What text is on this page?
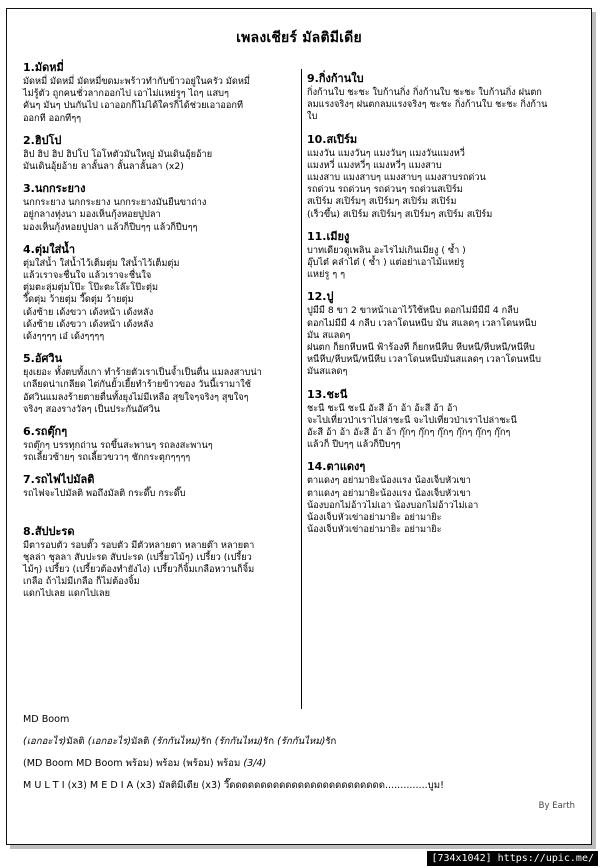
เพลงเชียร์ มัลติมีเดีย
1.มัดหมี่
มัดหมี่ มัดหมี่ มัดหมี่ขดมะพร้าวทำกับข้าวอยู่ในครัว มัดหมี่
ไม่รู้ตัว ถูกคนชั่วลากออกไป เอาไม่แหย่รูๆ ไถๆ แสบๆ
คันๆ มันๆ ปนกันไป เอาออกก็ไม่ได้ใครก็ได้ช่วยเอาออกที
ออกที ออกทีๆๆ
2.ฮิปโป
ฮิป ฮิป ฮิป ฮิปโป โอโหตัวมันใหญ่ มันเดินอุ้ยอ้าย
มันเดินอุ้ยอ้าย ลาลั้นลา ลั้นลาลั้นลา (x2)
3.นกกระยาง
นกกระยาง นกกระยาง นกกระยางมันยืนขาถ่าง
อยู่กลางทุ่งนา มองเห็นกุ้งหอยปูปลา
มองเห็นกุ้งหอยปูปลา แล้วก็ปีบๆๆ แล้วก็ปีบๆๆ
4.ตุ่มใส่น้ำ
ตุ่มใส่น้ำ ใส่น้ำไว้เต็มตุ่ม ใส่น้ำไว้เต็มตุ่ม
แล้วเราจะชื่นใจ แล้วเราจะชื่นใจ
ตุ่มตะลุ่มตุ่มโป๊ะ โป๊ะตะโล๊ะโป๊ะตุ่ม
วี๊ดตุ่ม ว้ายตุ่ม วี๊ดตุ่ม ว้ายตุ่ม
เด้งซ้าย เด้งขวา เด้งหน้า เด้งหลัง
เด้งซ้าย เด้งขวา เด้งหน้า เด้งหลัง
เด้งๆๆๆๆ เอ๋ เด้งๆๆๆๆ
5.อัศวิน
ยุงเยอะ ทั้งตบทั้งเกา ทำร้ายตัวเราเป็นจ้ำเป็นตื่น แมลงสาบน่า
เกลียดน่าเกลียด ไต่กันยั้วเยี้ยทำร้ายข้าวของ วันนี้เรามาใช้
อัศวินแมลงร้ายตายตื่นทั้งยุงไม่มีเหลือ สุขใจๆจริงๆ สุขใจๆ
จริงๆ สองรางวัลๆ เป็นประกันอัศวิน
6.รถตุ๊กๆ
รถตุ๊กๆ บรรทุกถ่าน รถขึ้นสะพานๆ รถลงสะพานๆ
รถเลี้ยวซ้ายๆ รถเลี้ยวขวาๆ ชักกระตุกๆๆๆๆ
7.รถไฟไปมัลติ
รถไฟจะไปมัลติ พอถึงมัลติ กระดึ๊บ กระดึ๊บ
8.สัปปะรด
มีตารอบตัว รอบตั๊ว รอบตัว มีตัวหลายตา หลายต๊า หลายตา
ชุลล่า ชุลลา สับปะรด สับปะรด (เปรี้ยวไม้ๆ) เปรี้ยว (เปรี้ยว
ไม้ๆ) เปรี้ยว (เปรี้ยวต้องทำยังไง) เปรี้ยวก็จิ้มเกลือหวานก็จิ้ม
เกลือ ถ้าไม่มีเกลือ ก็ไม่ต้องจิ้ม
แดกไปเลย แดกไปเลย
9.กิ่งก้านใบ
กิ่งก้านใบ ชะชะ ใบก้านกิ่ง กิ่งก้านใบ ชะชะ ใบก้านกิ่ง ฝนตก
ลมแรงจริงๆ ฝนตกลมแรงจริงๆ ชะชะ กิ่งก้านใบ ชะชะ กิ่งก้าน
ใบ
10.สเปิร์ม
แมงวัน แมงวันๆ แมงวันๆ แมงวันแมงหวี่
แมงหวี่ แมงหวี่ๆ แมงหวี่ๆ แมงสาบ
แมงสาบ แมงสาบๆ แมงสาบๆ แมงสาบรถด่วน
รถด่วน รถด่วนๆ รถด่วนๆ รถด่วนสเปิร์ม
สเปิร์ม สเปิร์มๆ สเปิร์มๆ สเปิร์ม สเปิร์ม
(เร็วขึ้น) สเปิร์ม สเปิร์มๆ สเปิร์มๆ สเปิร์ม สเปิร์ม
11.เมียงู
บาทเดียวดูเพลิน อะไรไม่เกินเมียงู ( ซ้ำ )
อุ๊บไต๋ คล๋าไต๋ ( ซ้ำ ) แต่อย่าเอาไม้แหย่รู
แหย่รู ๆ ๆ
12.ปู
ปูมีมี 8 ขา 2 ขาหน้าเอาไว้ใช้หนีบ ดอกไม่มีมีมี 4 กลีบ
ดอกไม่มีมี 4 กลีบ เวลาโดนหนีบ มัน สแลดๆ เวลาโดนหนีบ
มัน สแลดๆ
ฝนตก ก็ยกหีบหนี ฟ้าร้องที ก็ยกหนีหีบ หีบหนี/หีบหนี/หนีหีบ
หนีหีบ/หีบหนี/หนีหีบ เวลาโดนหนีบมันสแลดๆ เวลาโดนหนีบ
มันสแลดๆ
13.ชะนี
ชะนี ชะนี ชะนี อัะสี อ้า อ้า อ้ะสี อ้า อ้า
จะไปเที่ยวป่าเราไปล่าชะนี จะไปเที่ยวป่าเราไปล่าชะนี
อัะสี อ้า อ้า อัะสี อ้า อ้า กุ๊กๆ กุ๊กๆ กุ๊กๆ กุ๊กๆ กุ๊กๆ กุ๊กๆ
แล้วก็ ปีบๆๆ แล้วก็ปีบๆๆ
14.ตาแดงๆ
ตาแดงๆ อย่ามายิะน้องแรง น้องเจ็บหัวเขา
ตาแดงๆ อย่ามายิะน้องแรง น้องเจ็บหัวเขา
น้องบอกไม่อ้าวไม่เอา น้องบอกไม่อ้าวไม่เอา
น้องเจ็บหัวเข่าอย่ามายิะ อย่ามายิะ
น้องเจ็บหัวเข่าอย่ามายิะ อย่ามายิะ
MD Boom
(เอกอะไร)มัลติ (เอกอะไร)มัลติ (รักกันไหม)รัก (รักกันไหม)รัก (รักกันไหม)รัก
(MD Boom MD Boom พร้อม) พร้อม (พร้อม) พร้อม (3/4)
M U L T I (x3) M E D I A (x3) มัลติมีเดีย (x3) วี๊ดดดดดดดดดดดดดดดดดดดดดดดดด..............บูม!
By Earth
[734x1042] https://upic.me/
